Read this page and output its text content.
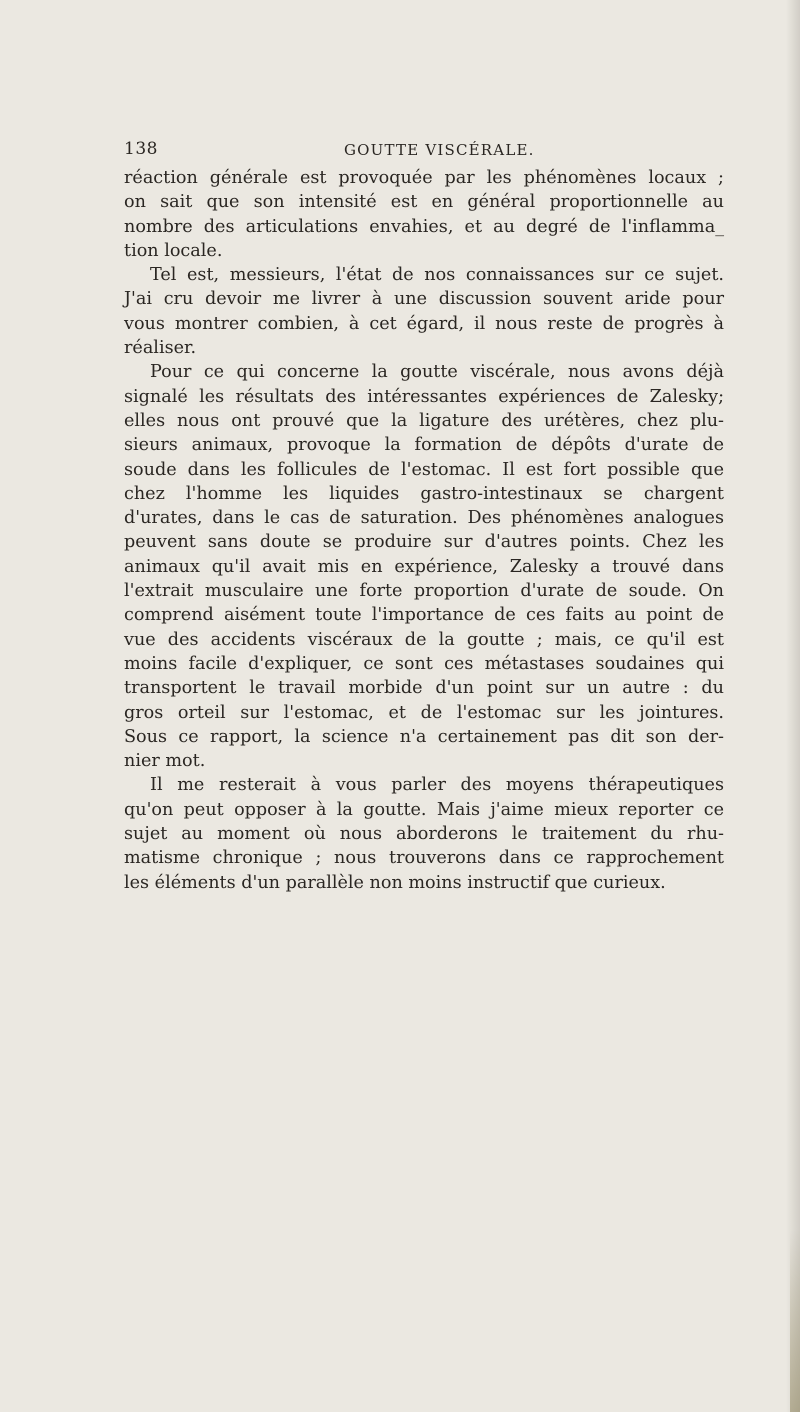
138	GOUTTE VISCÉRALE.
réaction générale est provoquée par les phénomènes locaux ;
on sait que son intensité est en général proportionnelle au
nombre des articulations envahies, et au degré de l'inflamma_
tion locale.
Tel est, messieurs, l'état de nos connaissances sur ce sujet.
J'ai cru devoir me livrer à une discussion souvent aride pour
vous montrer combien, à cet égard, il nous reste de progrès à
réaliser.
Pour ce qui concerne la goutte viscérale, nous avons déjà
signalé les résultats des intéressantes expériences de Zalesky;
elles nous ont prouvé que la ligature des urétères, chez plu-
sieurs animaux, provoque la formation de dépôts d'urate de
soude dans les follicules de l'estomac. Il est fort possible que
chez l'homme les liquides gastro-intestinaux se chargent
d'urates, dans le cas de saturation. Des phénomènes analogues
peuvent sans doute se produire sur d'autres points. Chez les
animaux qu'il avait mis en expérience, Zalesky a trouvé dans
l'extrait musculaire une forte proportion d'urate de soude. On
comprend aisément toute l'importance de ces faits au point de
vue des accidents viscéraux de la goutte ; mais, ce qu'il est
moins facile d'expliquer, ce sont ces métastases soudaines qui
transportent le travail morbide d'un point sur un autre : du
gros orteil sur l'estomac, et de l'estomac sur les jointures.
Sous ce rapport, la science n'a certainement pas dit son der-
nier mot.
Il me resterait à vous parler des moyens thérapeutiques
qu'on peut opposer à la goutte. Mais j'aime mieux reporter ce
sujet au moment où nous aborderons le traitement du rhu-
matisme chronique ; nous trouverons dans ce rapprochement
les éléments d'un parallèle non moins instructif que curieux.
